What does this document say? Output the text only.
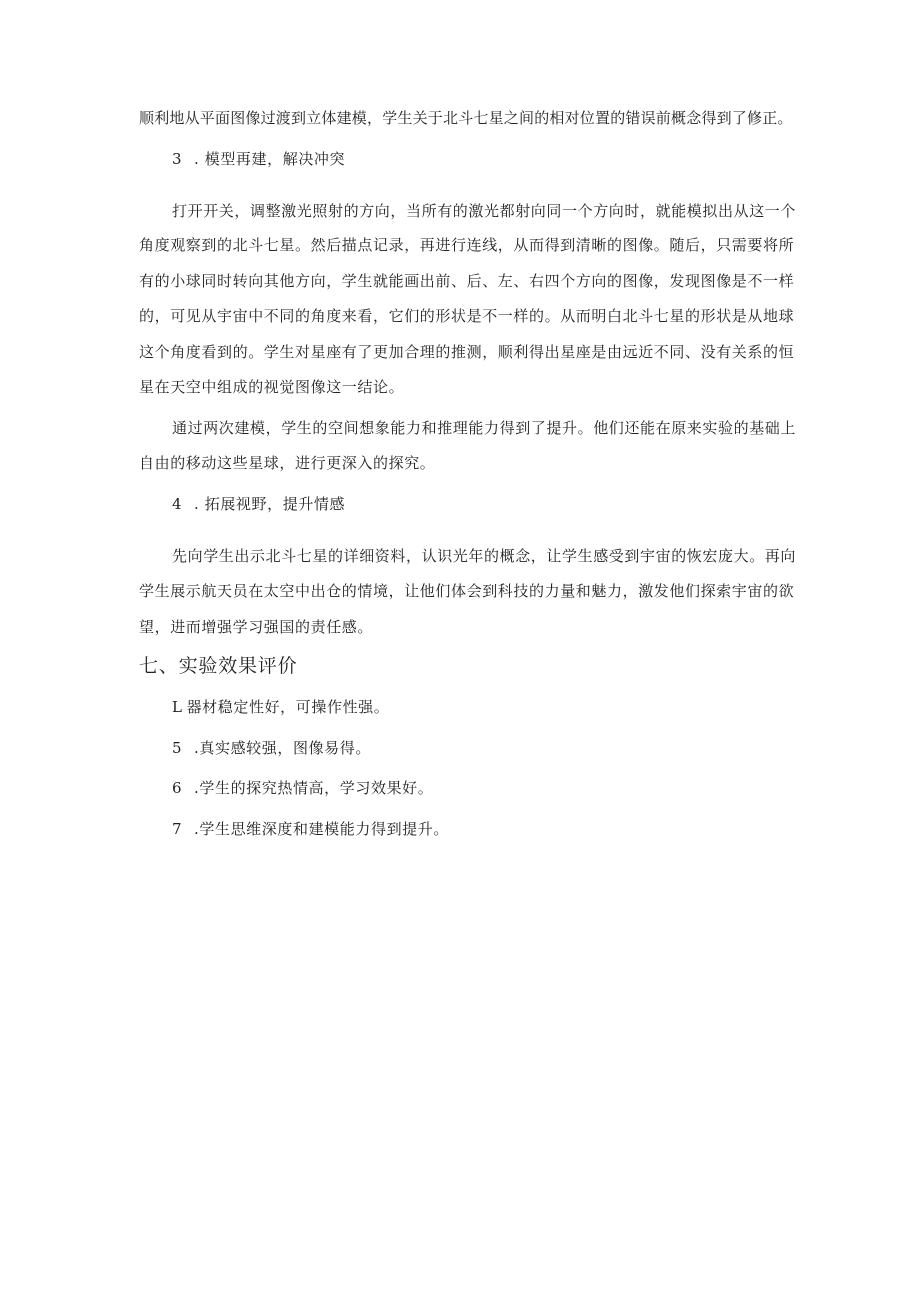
顺利地从平面图像过渡到立体建模，学生关于北斗七星之间的相对位置的错误前概念得到了修正。
3 . 模型再建，解决冲突
打开开关，调整激光照射的方向，当所有的激光都射向同一个方向时，就能模拟出从这一个
角度观察到的北斗七星。然后描点记录，再进行连线，从而得到清晰的图像。随后，只需要将所
有的小球同时转向其他方向，学生就能画出前、后、左、右四个方向的图像，发现图像是不一样
的，可见从宇宙中不同的角度来看，它们的形状是不一样的。从而明白北斗七星的形状是从地球
这个角度看到的。学生对星座有了更加合理的推测，顺利得出星座是由远近不同、没有关系的恒
星在天空中组成的视觉图像这一结论。
通过两次建模，学生的空间想象能力和推理能力得到了提升。他们还能在原来实验的基础上
自由的移动这些星球，进行更深入的探究。
4 . 拓展视野，提升情感
先向学生出示北斗七星的详细资料，认识光年的概念，让学生感受到宇宙的恢宏庞大。再向
学生展示航天员在太空中出仓的情境，让他们体会到科技的力量和魅力，激发他们探索宇宙的欲
望，进而增强学习强国的责任感。
七、实验效果评价
L 器材稳定性好，可操作性强。
5 .真实感较强，图像易得。
6 .学生的探究热情高，学习效果好。
7 .学生思维深度和建模能力得到提升。
